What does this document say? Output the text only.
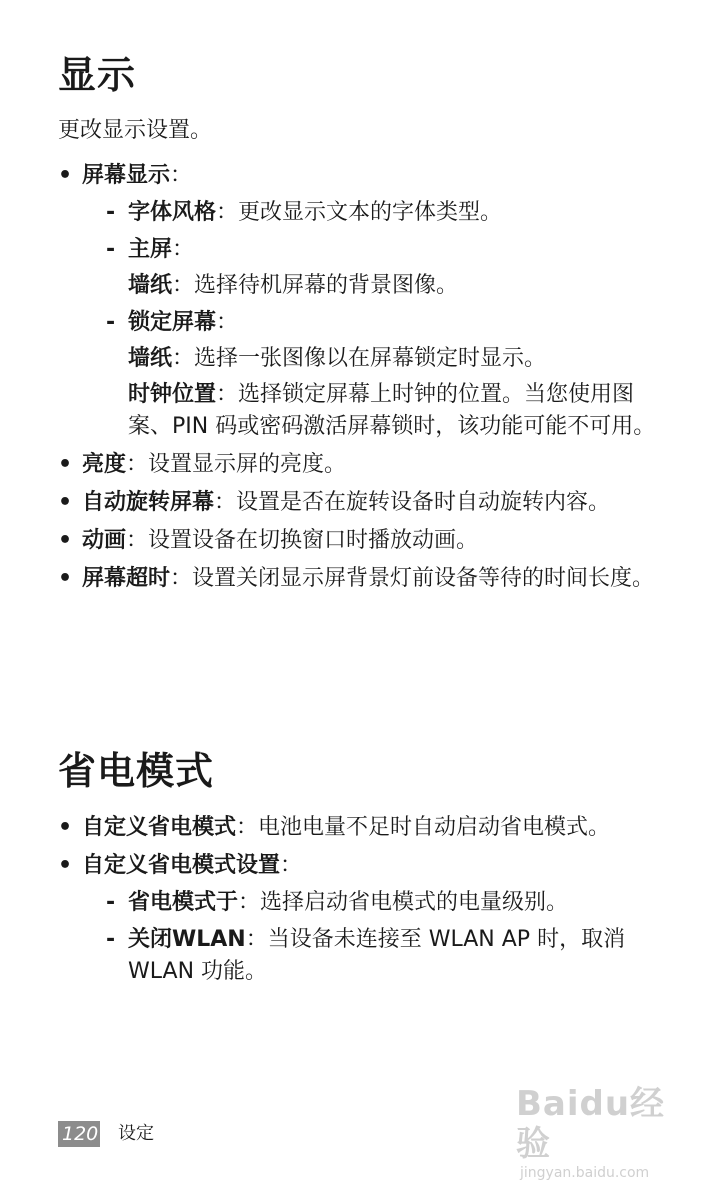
显示
更改显示设置。
• 屏幕显示：
- 字体风格：更改显示文本的字体类型。
- 主屏：
墙纸：选择待机屏幕的背景图像。
- 锁定屏幕：
墙纸：选择一张图像以在屏幕锁定时显示。
时钟位置：选择锁定屏幕上时钟的位置。当您使用图案、PIN 码或密码激活屏幕锁时，该功能可能不可用。
• 亮度：设置显示屏的亮度。
• 自动旋转屏幕：设置是否在旋转设备时自动旋转内容。
• 动画：设置设备在切换窗口时播放动画。
• 屏幕超时：设置关闭显示屏背景灯前设备等待的时间长度。
省电模式
• 自定义省电模式：电池电量不足时自动启动省电模式。
• 自定义省电模式设置：
- 省电模式于：选择启动省电模式的电量级别。
- 关闭WLAN：当设备未连接至 WLAN AP 时，取消 WLAN 功能。
120 设定
Baidu经验
jingyan.baidu.com
